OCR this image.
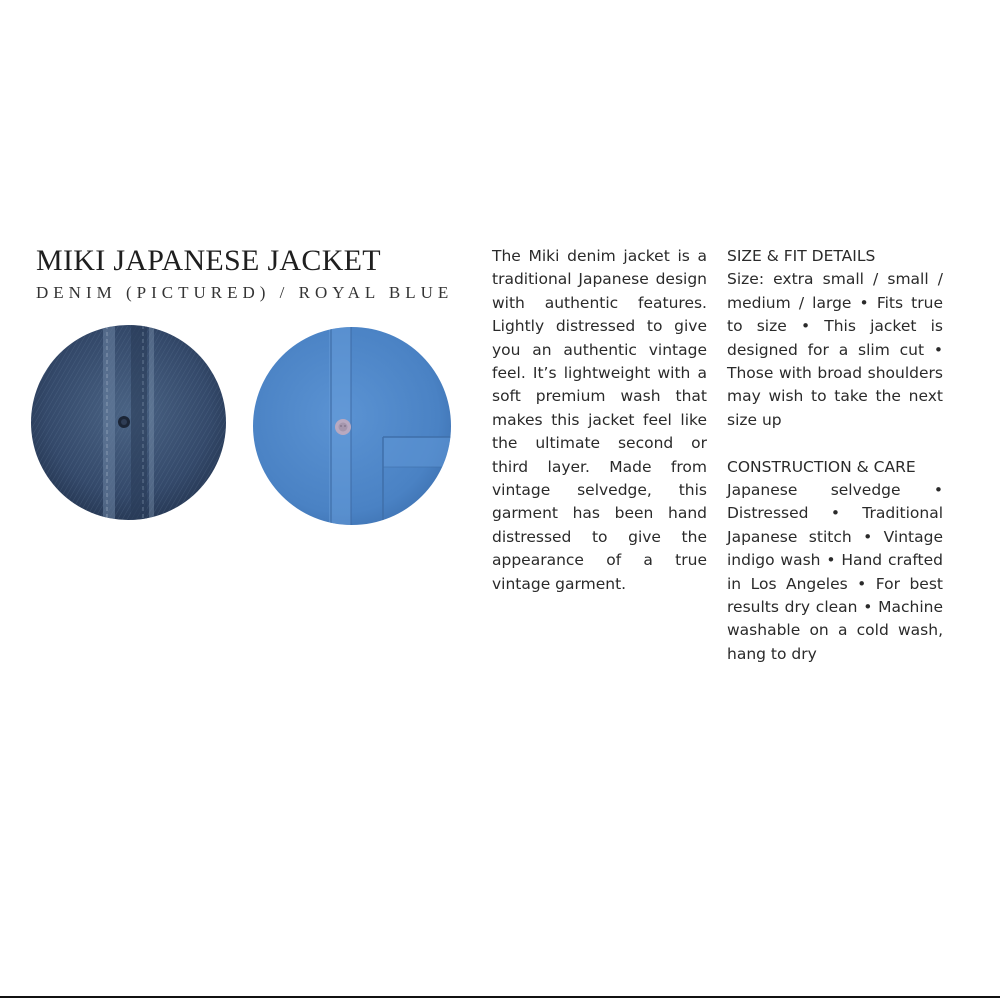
MIKI JAPANESE JACKET
DENIM (PICTURED) / ROYAL BLUE

The Miki denim jacket is a traditional Japanese design with authentic features. Lightly distressed to give you an authentic vintage feel. It’s lightweight with a soft premium wash that makes this jacket feel like the ultimate second or third layer. Made from vintage selvedge, this garment has been hand distressed to give the appearance of a true vintage garment.

SIZE & FIT DETAILS

Size: extra small / small / medium / large • Fits true to size • This jacket is designed for a slim cut • Those with broad shoulders may wish to take the next size up

CONSTRUCTION & CARE

Japanese selvedge • Distressed • Traditional Japanese stitch • Vintage indigo wash • Hand crafted in Los Angeles • For best results dry clean • Machine washable on a cold wash, hang to dry
